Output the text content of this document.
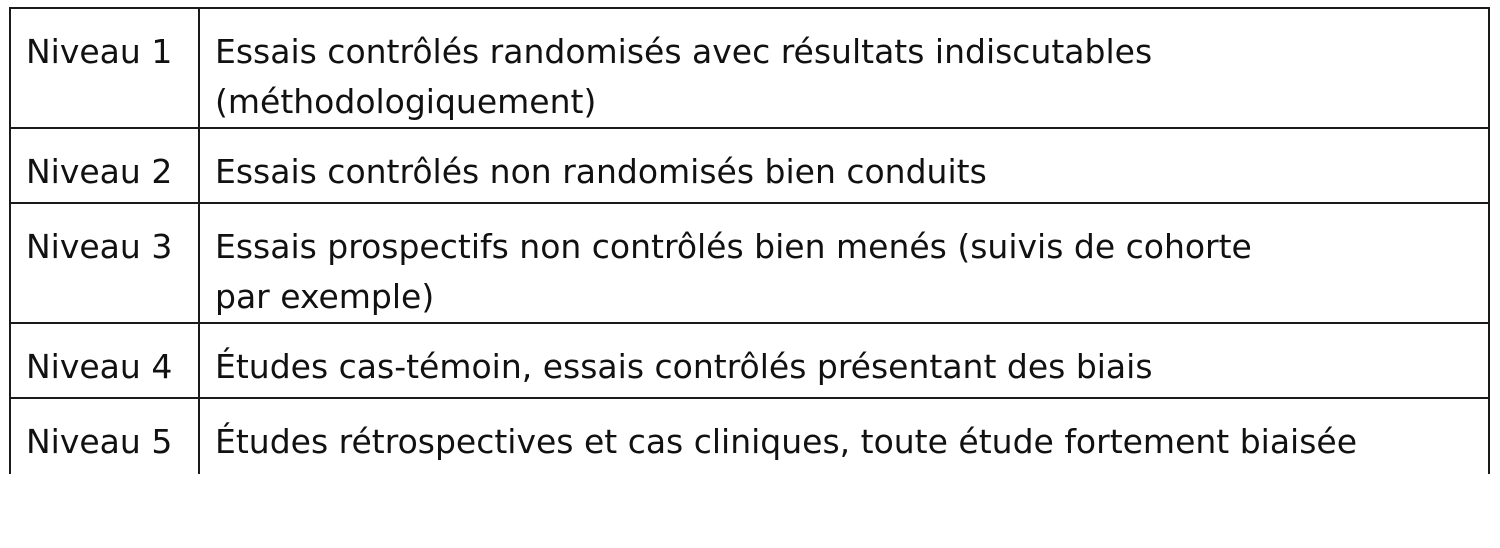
Niveau 1	Essais contrôlés randomisés avec résultats indiscutables
(méthodologiquement)

Niveau 2	Essais contrôlés non randomisés bien conduits

Niveau 3	Essais prospectifs non contrôlés bien menés (suivis de cohorte
par exemple)

Niveau 4	Études cas-témoin, essais contrôlés présentant des biais

Niveau 5	Études rétrospectives et cas cliniques, toute étude fortement biaisée
